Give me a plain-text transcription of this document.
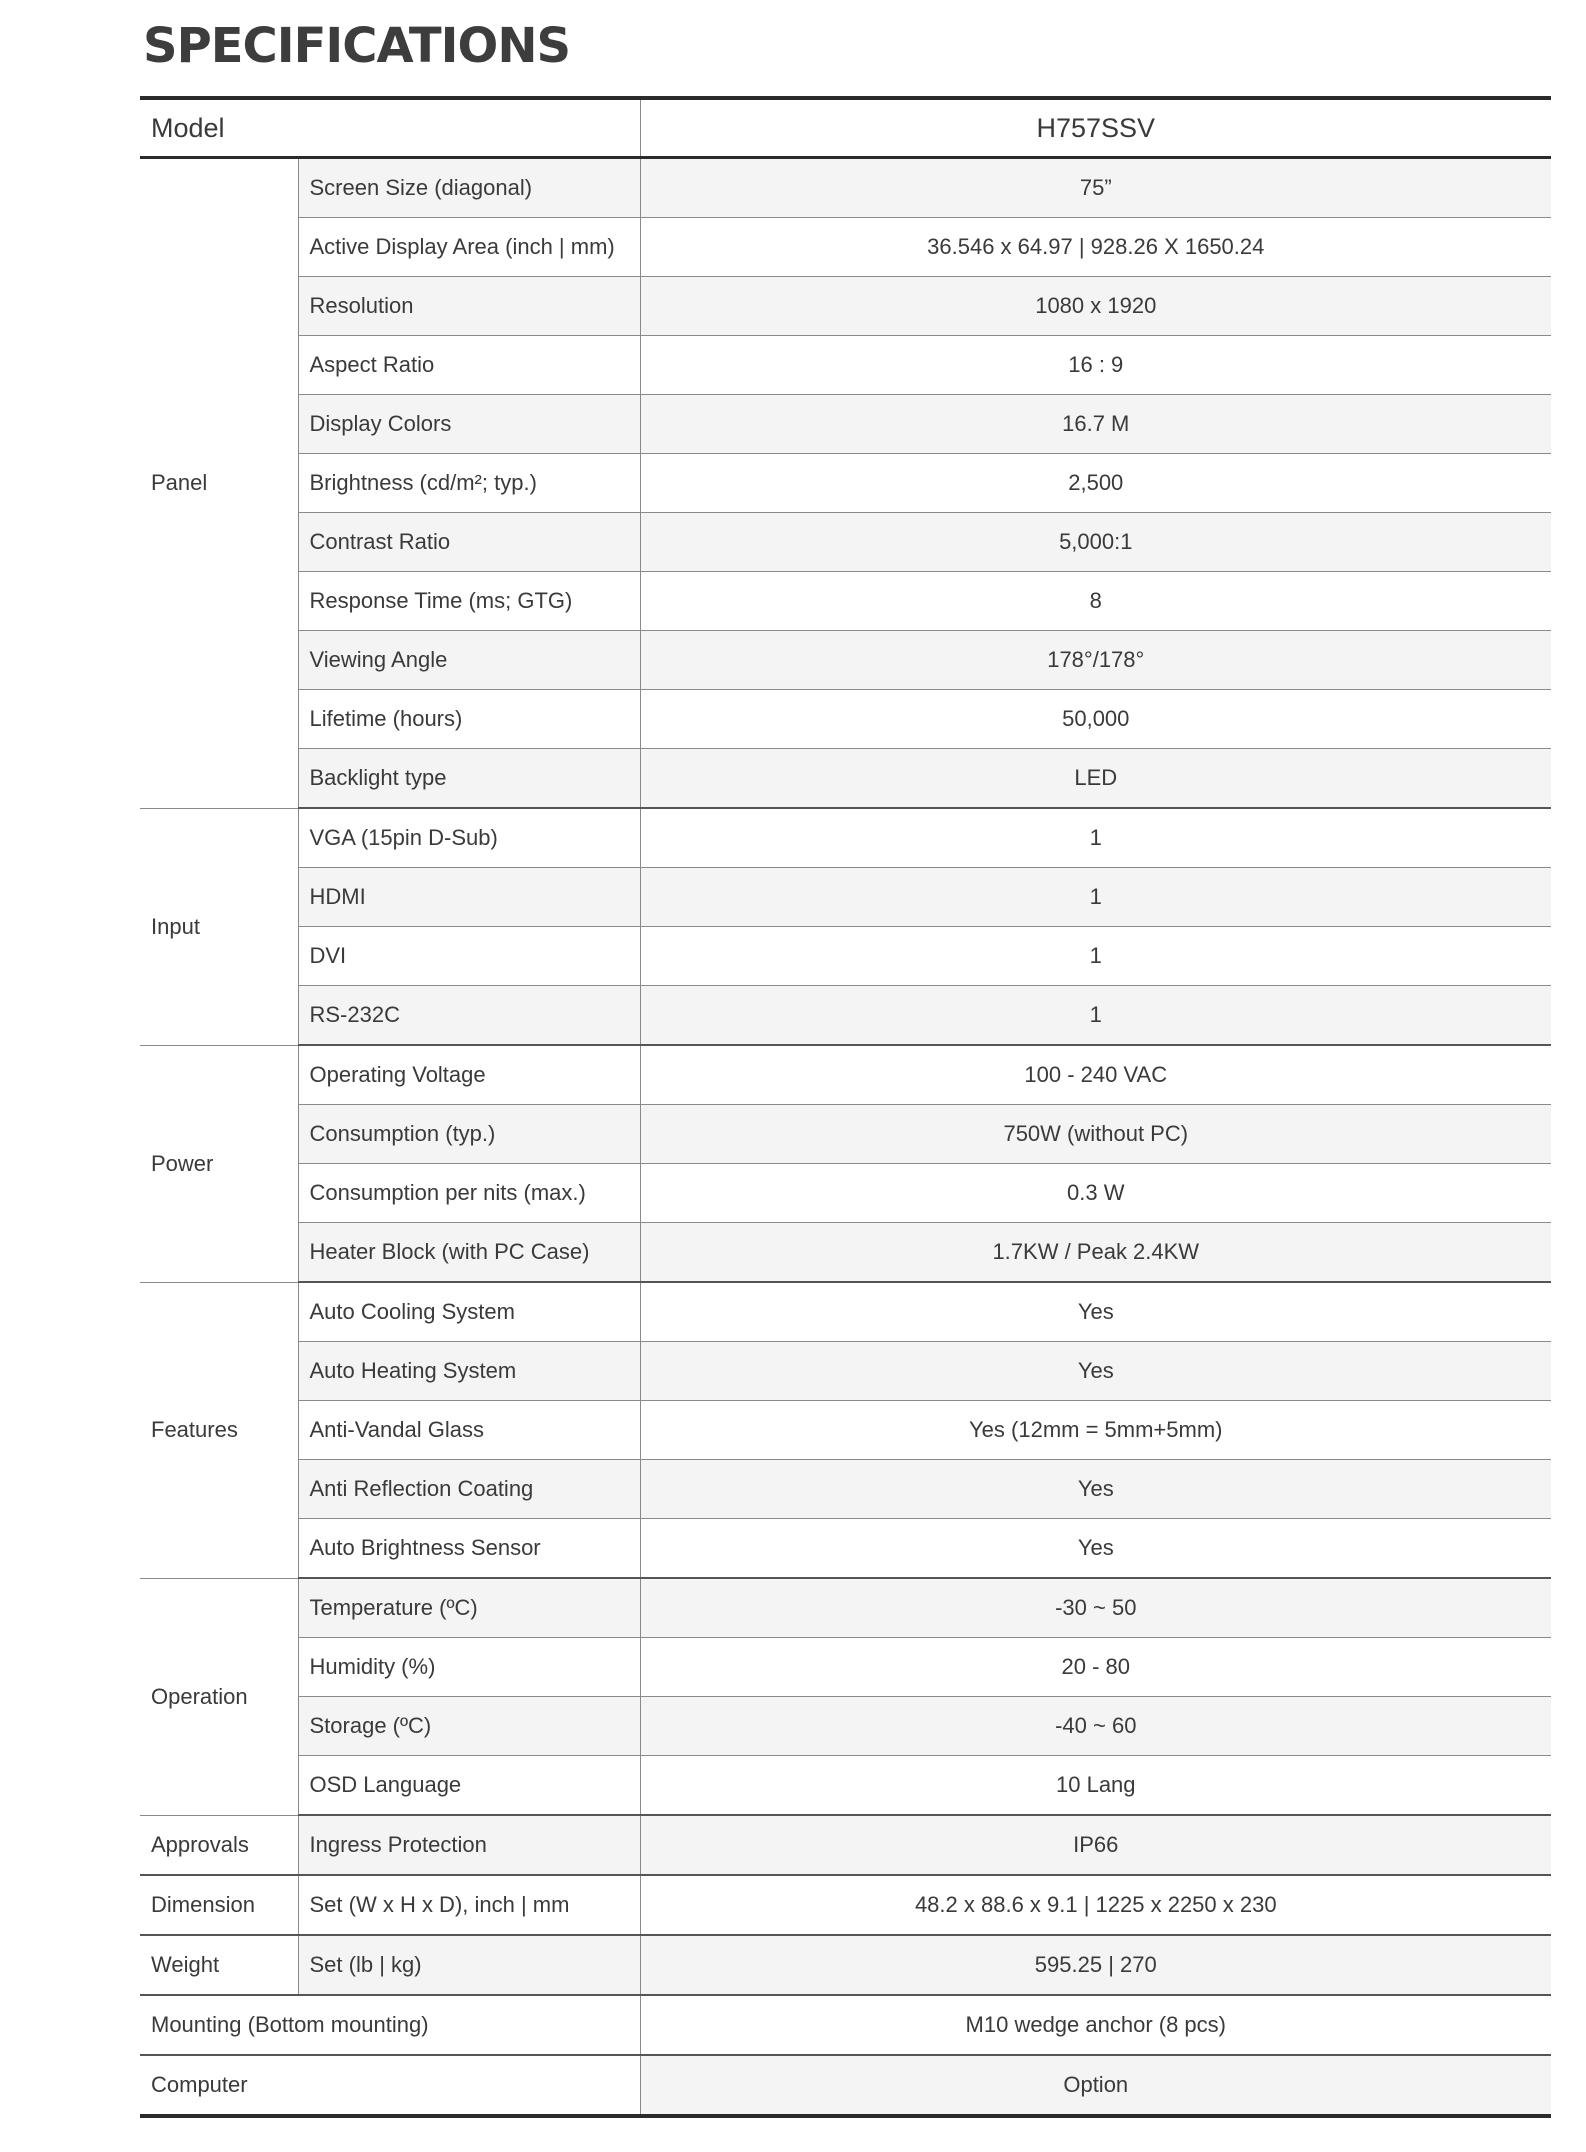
SPECIFICATIONS
Model		H757SSV
Panel	Screen Size (diagonal)	75”
	Active Display Area (inch | mm)	36.546 x 64.97 | 928.26 X 1650.24
	Resolution	1080 x 1920
	Aspect Ratio	16 : 9
	Display Colors	16.7 M
	Brightness (cd/m²; typ.)	2,500
	Contrast Ratio	5,000:1
	Response Time (ms; GTG)	8
	Viewing Angle	178°/178°
	Lifetime (hours)	50,000
	Backlight type	LED
Input	VGA (15pin D-Sub)	1
	HDMI	1
	DVI	1
	RS-232C	1
Power	Operating Voltage	100 - 240 VAC
	Consumption (typ.)	750W (without PC)
	Consumption per nits (max.)	0.3 W
	Heater Block (with PC Case)	1.7KW / Peak 2.4KW
Features	Auto Cooling System	Yes
	Auto Heating System	Yes
	Anti-Vandal Glass	Yes (12mm = 5mm+5mm)
	Anti Reflection Coating	Yes
	Auto Brightness Sensor	Yes
Operation	Temperature (ºC)	-30 ~ 50
	Humidity (%)	20 - 80
	Storage (ºC)	-40 ~ 60
	OSD Language	10 Lang
Approvals	Ingress Protection	IP66
Dimension	Set (W x H x D), inch | mm	48.2 x 88.6 x 9.1 | 1225 x 2250 x 230
Weight	Set (lb | kg)	595.25 | 270
Mounting (Bottom mounting)		M10 wedge anchor (8 pcs)
Computer		Option
